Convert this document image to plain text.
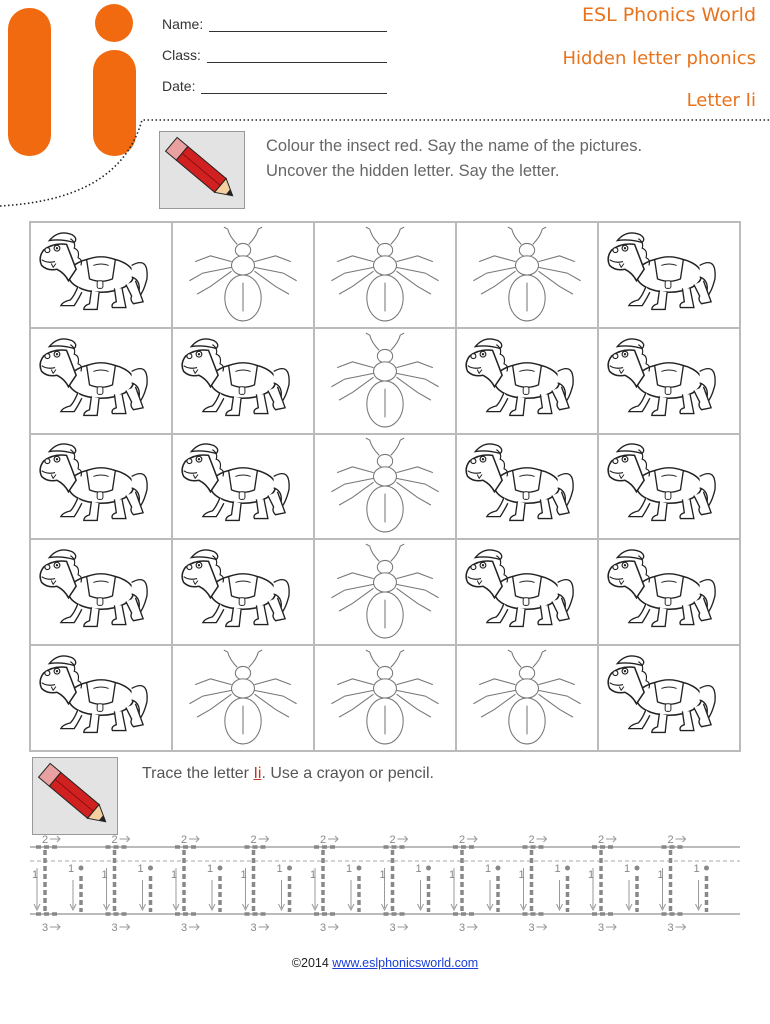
Name:
Class:
Date:
ESL Phonics World
Hidden letter phonics
Letter Ii
Colour the insect red. Say the name of the pictures.
Uncover the hidden letter. Say the letter.
Trace the letter Ii. Use a crayon or pencil.
1
2
3
1 1
2
3
1 1
2
3
1 1
2
3
1 1
2
3
1 1
2
3
1 1
2
3
1 1
2
3
1 1
2
3
1 1
2
3
1
©2014 www.eslphonicsworld.com
